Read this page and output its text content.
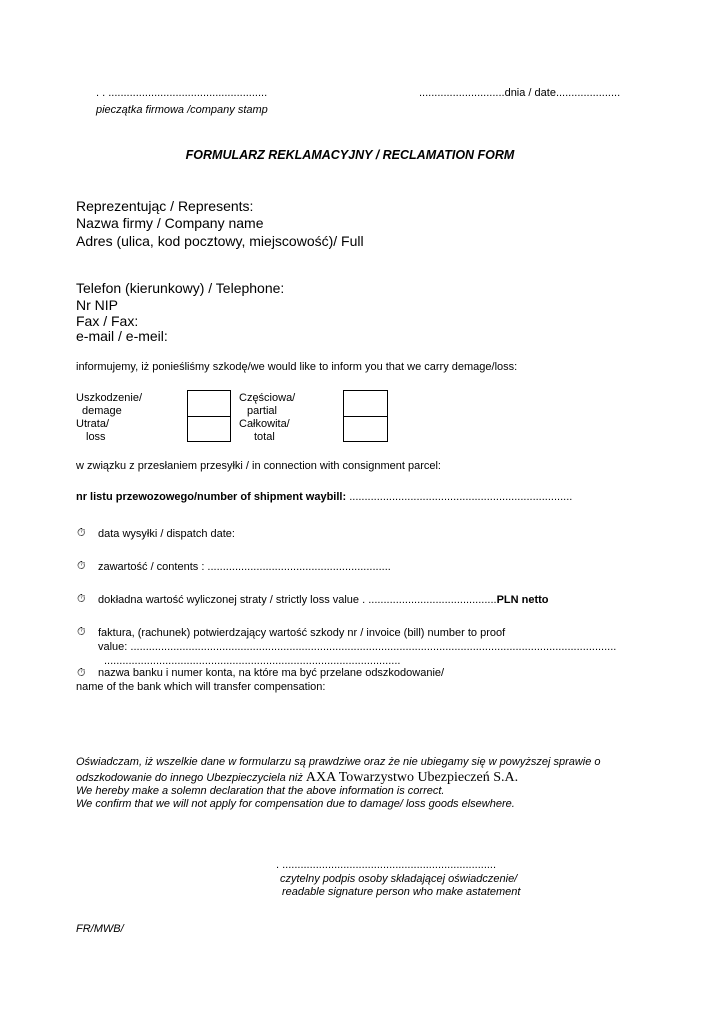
. . ....................................................	............................dnia / date.....................
pieczątka firmowa /company stamp
FORMULARZ REKLAMACYJNY / RECLAMATION FORM
Reprezentując / Represents:
Nazwa firmy / Company name
Adres (ulica, kod pocztowy, miejscowość)/ Full
Telefon (kierunkowy) / Telephone:
Nr NIP
Fax / Fax:
e-mail / e-meil:
informujemy, iż ponieśliśmy szkodę/we would like to inform you that we carry demage/loss:
Uszkodzenie/
demage
Utrata/
loss
Częściowa/
partial
Całkowita/
total
w związku z przesłaniem przesyłki / in connection with consignment parcel:
nr listu przewozowego/number of shipment waybill: .........................................................................
⏱ data wysyłki / dispatch date:
⏱ zawartość / contents : ............................................................
⏱ dokładna wartość wyliczonej straty / strictly loss value . ..........................................PLN netto
⏱ faktura, (rachunek) potwierdzający wartość szkody nr / invoice (bill) number to proof
value: ...............................................................................................................................................................
.................................................................................................
⏱ nazwa banku i numer konta, na które ma być przelane odszkodowanie/
name of the bank which will transfer compensation:
Oświadczam, iż wszelkie dane w formularzu są prawdziwe oraz że nie ubiegamy się w powyższej sprawie o
odszkodowanie do innego Ubezpieczyciela niż AXA Towarzystwo Ubezpieczeń S.A.
We hereby make a solemn declaration that the above information is correct.
We confirm that we will not apply for compensation due to damage/ loss goods elsewhere.
. ......................................................................
czytelny podpis osoby składającej oświadczenie/
readable signature person who make astatement
FR/MWB/
